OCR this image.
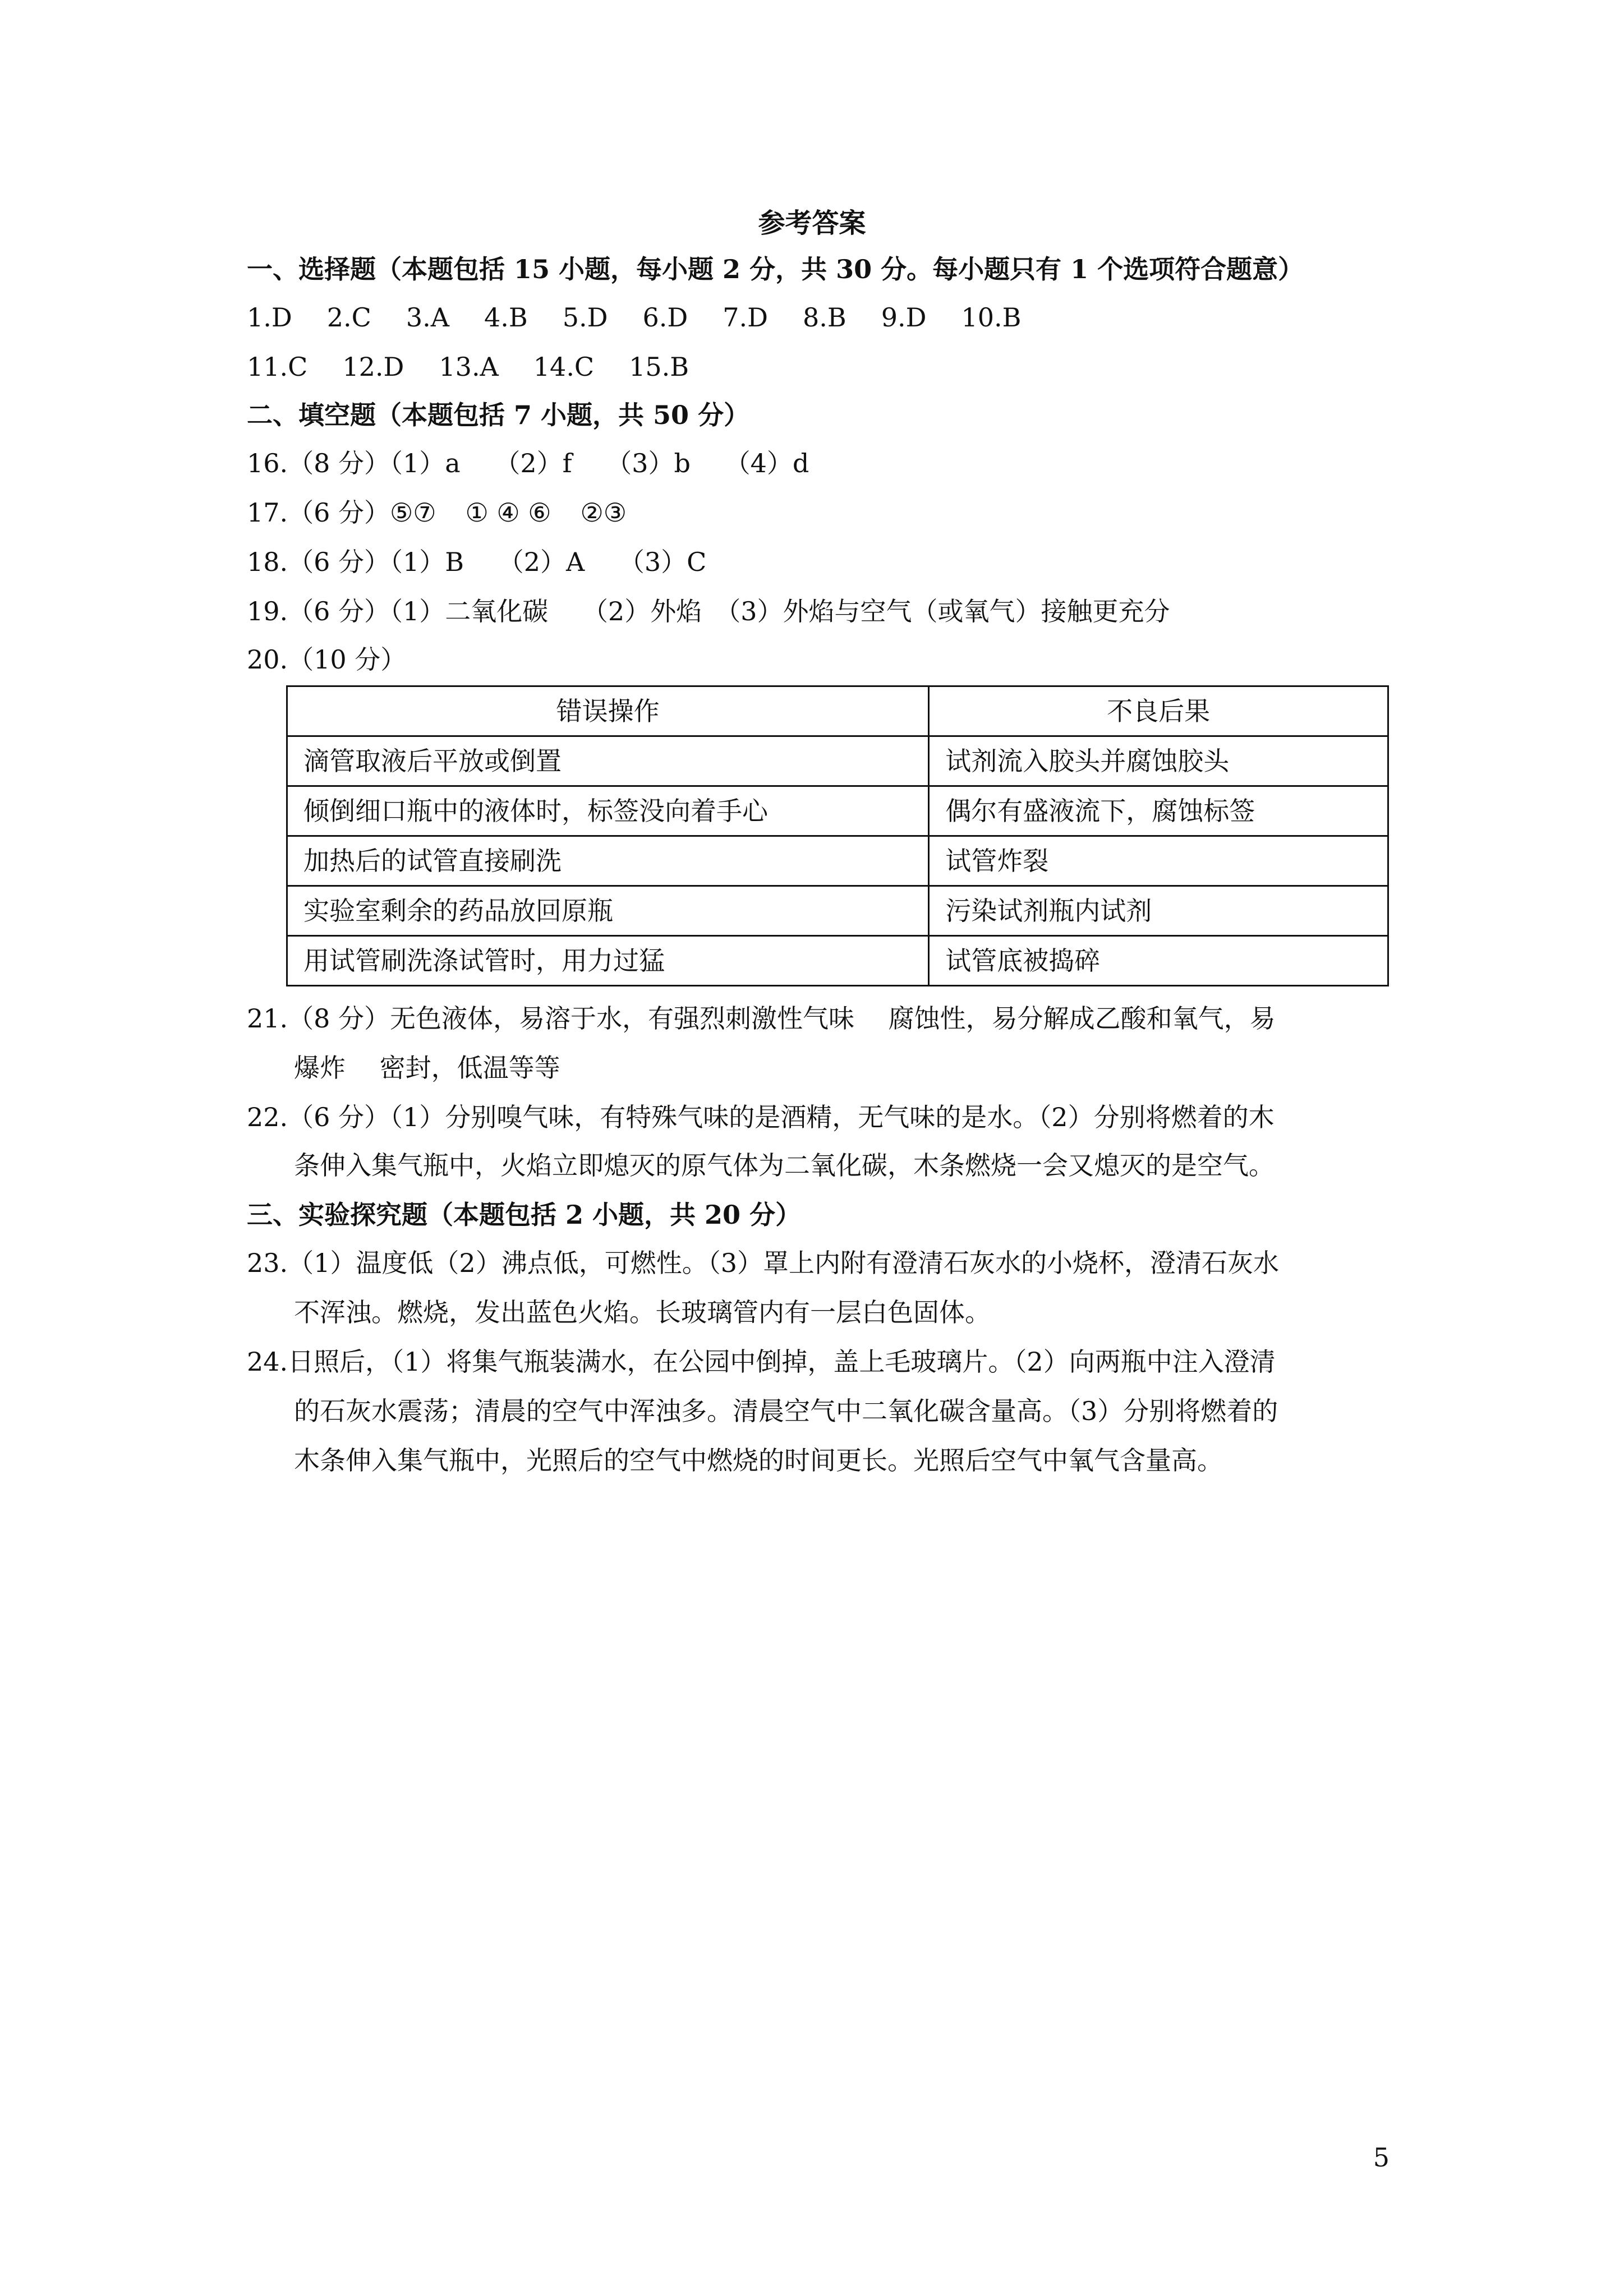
参考答案
一、选择题（本题包括 15 小题，每小题 2 分，共 30 分。每小题只有 1 个选项符合题意）
1.D 2.C 3.A 4.B 5.D 6.D 7.D 8.B 9.D 10.B
11.C 12.D 13.A 14.C 15.B
二、填空题（本题包括 7 小题，共 50 分）
16.（8 分）（1）a　 （2）f　 （3）b　 （4）d
17.（6 分）⑤⑦ ① ④ ⑥ ②③
18.（6 分）（1）B　 （2）A　 （3）C
19.（6 分）（1）二氧化碳　 （2）外焰　（3）外焰与空气（或氧气）接触更充分
20.（10 分）
错误操作	不良后果
滴管取液后平放或倒置	试剂流入胶头并腐蚀胶头
倾倒细口瓶中的液体时，标签没向着手心	偶尔有盛液流下，腐蚀标签
加热后的试管直接刷洗	试管炸裂
实验室剩余的药品放回原瓶	污染试剂瓶内试剂
用试管刷洗涤试管时，用力过猛	试管底被捣碎
21.（8 分）无色液体，易溶于水，有强烈刺激性气味　 腐蚀性，易分解成乙酸和氧气，易
爆炸　 密封，低温等等
22.（6 分）（1）分别嗅气味，有特殊气味的是酒精，无气味的是水。（2）分别将燃着的木
条伸入集气瓶中，火焰立即熄灭的原气体为二氧化碳，木条燃烧一会又熄灭的是空气。
三、实验探究题（本题包括 2 小题，共 20 分）
23.（1）温度低（2）沸点低，可燃性。（3）罩上内附有澄清石灰水的小烧杯，澄清石灰水
不浑浊。燃烧，发出蓝色火焰。长玻璃管内有一层白色固体。
24.日照后，（1）将集气瓶装满水，在公园中倒掉，盖上毛玻璃片。（2）向两瓶中注入澄清
的石灰水震荡；清晨的空气中浑浊多。清晨空气中二氧化碳含量高。（3）分别将燃着的
木条伸入集气瓶中，光照后的空气中燃烧的时间更长。光照后空气中氧气含量高。
5
